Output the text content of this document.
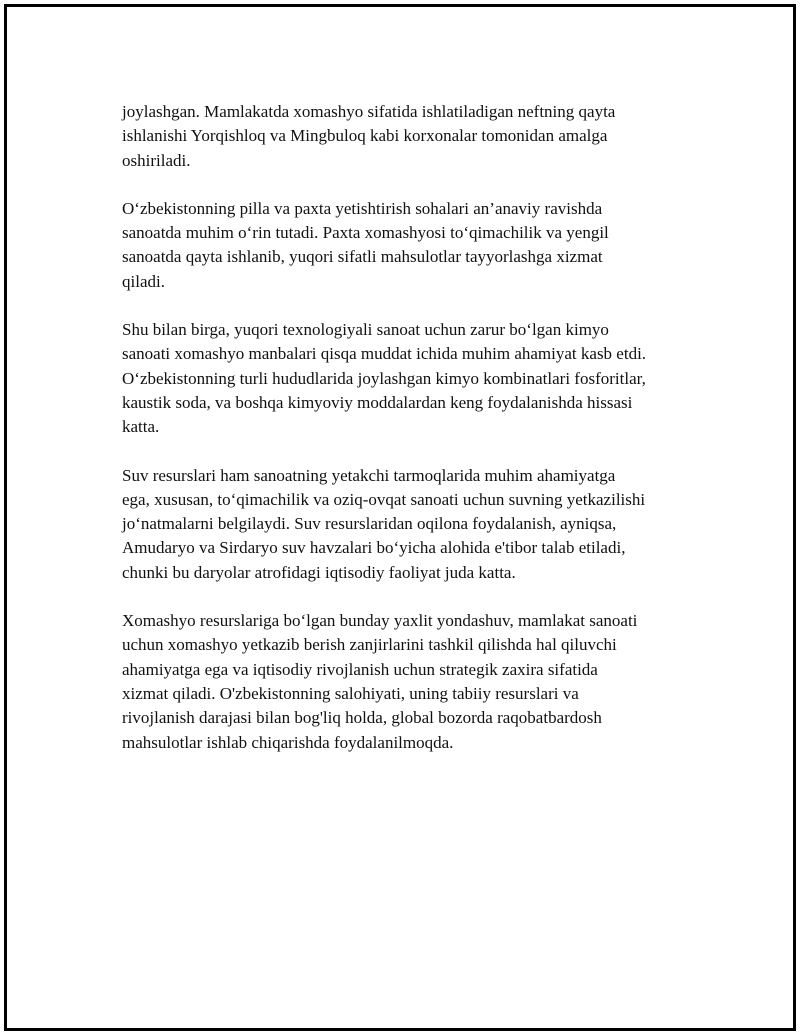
joylashgan. Mamlakatda xomashyo sifatida ishlatiladigan neftning qayta
ishlanishi Yorqishloq va Mingbuloq kabi korxonalar tomonidan amalga
oshiriladi.

O‘zbekistonning pilla va paxta yetishtirish sohalari an’anaviy ravishda
sanoatda muhim o‘rin tutadi. Paxta xomashyosi to‘qimachilik va yengil
sanoatda qayta ishlanib, yuqori sifatli mahsulotlar tayyorlashga xizmat
qiladi.

Shu bilan birga, yuqori texnologiyali sanoat uchun zarur bo‘lgan kimyo
sanoati xomashyo manbalari qisqa muddat ichida muhim ahamiyat kasb etdi.
O‘zbekistonning turli hududlarida joylashgan kimyo kombinatlari fosforitlar,
kaustik soda, va boshqa kimyoviy moddalardan keng foydalanishda hissasi
katta.

Suv resurslari ham sanoatning yetakchi tarmoqlarida muhim ahamiyatga
ega, xususan, to‘qimachilik va oziq-ovqat sanoati uchun suvning yetkazilishi
jo‘natmalarni belgilaydi. Suv resurslaridan oqilona foydalanish, ayniqsa,
Amudaryo va Sirdaryo suv havzalari bo‘yicha alohida e'tibor talab etiladi,
chunki bu daryolar atrofidagi iqtisodiy faoliyat juda katta.

Xomashyo resurslariga bo‘lgan bunday yaxlit yondashuv, mamlakat sanoati
uchun xomashyo yetkazib berish zanjirlarini tashkil qilishda hal qiluvchi
ahamiyatga ega va iqtisodiy rivojlanish uchun strategik zaxira sifatida
xizmat qiladi. O'zbekistonning salohiyati, uning tabiiy resurslari va
rivojlanish darajasi bilan bog'liq holda, global bozorda raqobatbardosh
mahsulotlar ishlab chiqarishda foydalanilmoqda.
